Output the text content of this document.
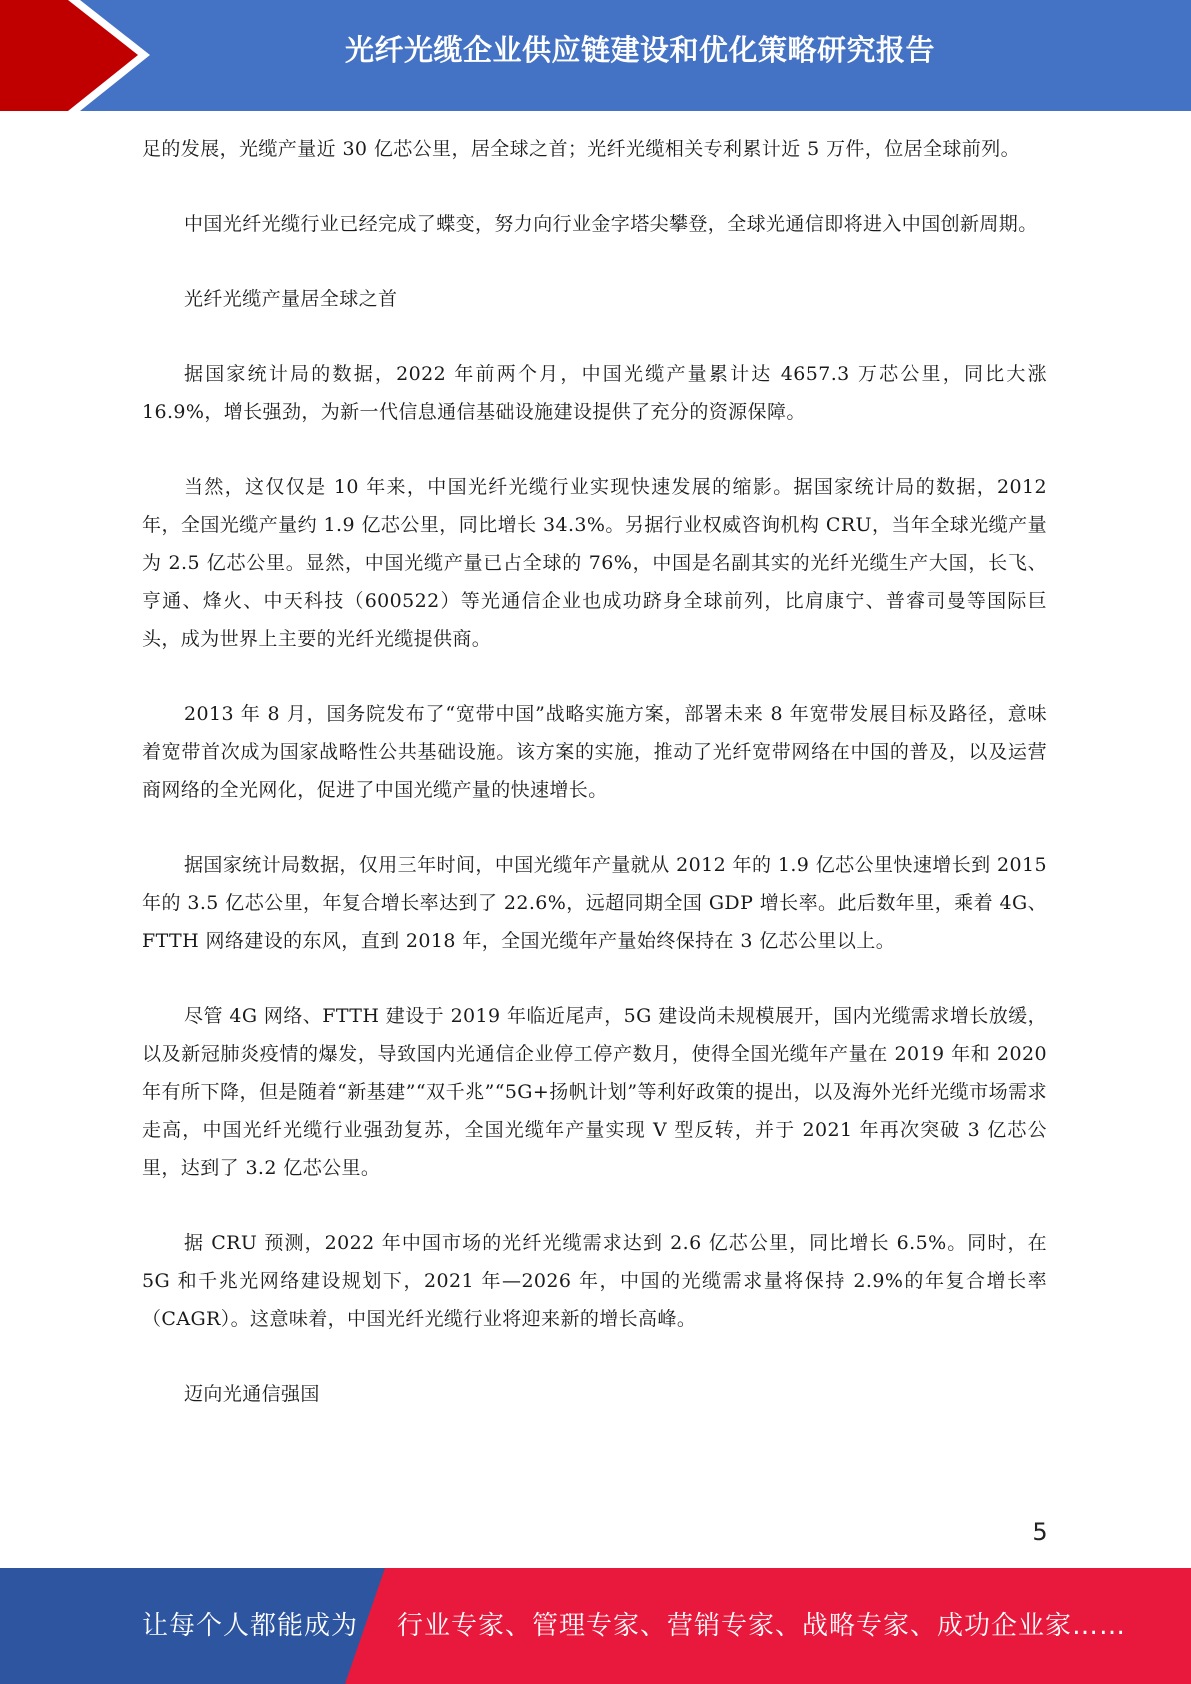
光纤光缆企业供应链建设和优化策略研究报告

足的发展，光缆产量近 30 亿芯公里，居全球之首；光纤光缆相关专利累计近 5 万件，位居全球前列。

中国光纤光缆行业已经完成了蝶变，努力向行业金字塔尖攀登，全球光通信即将进入中国创新周期。

光纤光缆产量居全球之首

据国家统计局的数据，2022 年前两个月，中国光缆产量累计达 4657.3 万芯公里，同比大涨 16.9%，增长强劲，为新一代信息通信基础设施建设提供了充分的资源保障。

当然，这仅仅是 10 年来，中国光纤光缆行业实现快速发展的缩影。据国家统计局的数据，2012 年，全国光缆产量约 1.9 亿芯公里，同比增长 34.3%。另据行业权威咨询机构 CRU，当年全球光缆产量为 2.5 亿芯公里。显然，中国光缆产量已占全球的 76%，中国是名副其实的光纤光缆生产大国，长飞、亨通、烽火、中天科技（600522）等光通信企业也成功跻身全球前列，比肩康宁、普睿司曼等国际巨头，成为世界上主要的光纤光缆提供商。

2013 年 8 月，国务院发布了“宽带中国”战略实施方案，部署未来 8 年宽带发展目标及路径，意味着宽带首次成为国家战略性公共基础设施。该方案的实施，推动了光纤宽带网络在中国的普及，以及运营商网络的全光网化，促进了中国光缆产量的快速增长。

据国家统计局数据，仅用三年时间，中国光缆年产量就从 2012 年的 1.9 亿芯公里快速增长到 2015 年的 3.5 亿芯公里，年复合增长率达到了 22.6%，远超同期全国 GDP 增长率。此后数年里，乘着 4G、FTTH 网络建设的东风，直到 2018 年，全国光缆年产量始终保持在 3 亿芯公里以上。

尽管 4G 网络、FTTH 建设于 2019 年临近尾声，5G 建设尚未规模展开，国内光缆需求增长放缓，以及新冠肺炎疫情的爆发，导致国内光通信企业停工停产数月，使得全国光缆年产量在 2019 年和 2020 年有所下降，但是随着“新基建”“双千兆”“5G+扬帆计划”等利好政策的提出，以及海外光纤光缆市场需求走高，中国光纤光缆行业强劲复苏，全国光缆年产量实现 V 型反转，并于 2021 年再次突破 3 亿芯公里，达到了 3.2 亿芯公里。

据 CRU 预测，2022 年中国市场的光纤光缆需求达到 2.6 亿芯公里，同比增长 6.5%。同时，在 5G 和千兆光网络建设规划下，2021 年—2026 年，中国的光缆需求量将保持 2.9%的年复合增长率（CAGR）。这意味着，中国光纤光缆行业将迎来新的增长高峰。

迈向光通信强国

5
让每个人都能成为 行业专家、管理专家、营销专家、战略专家、成功企业家……
